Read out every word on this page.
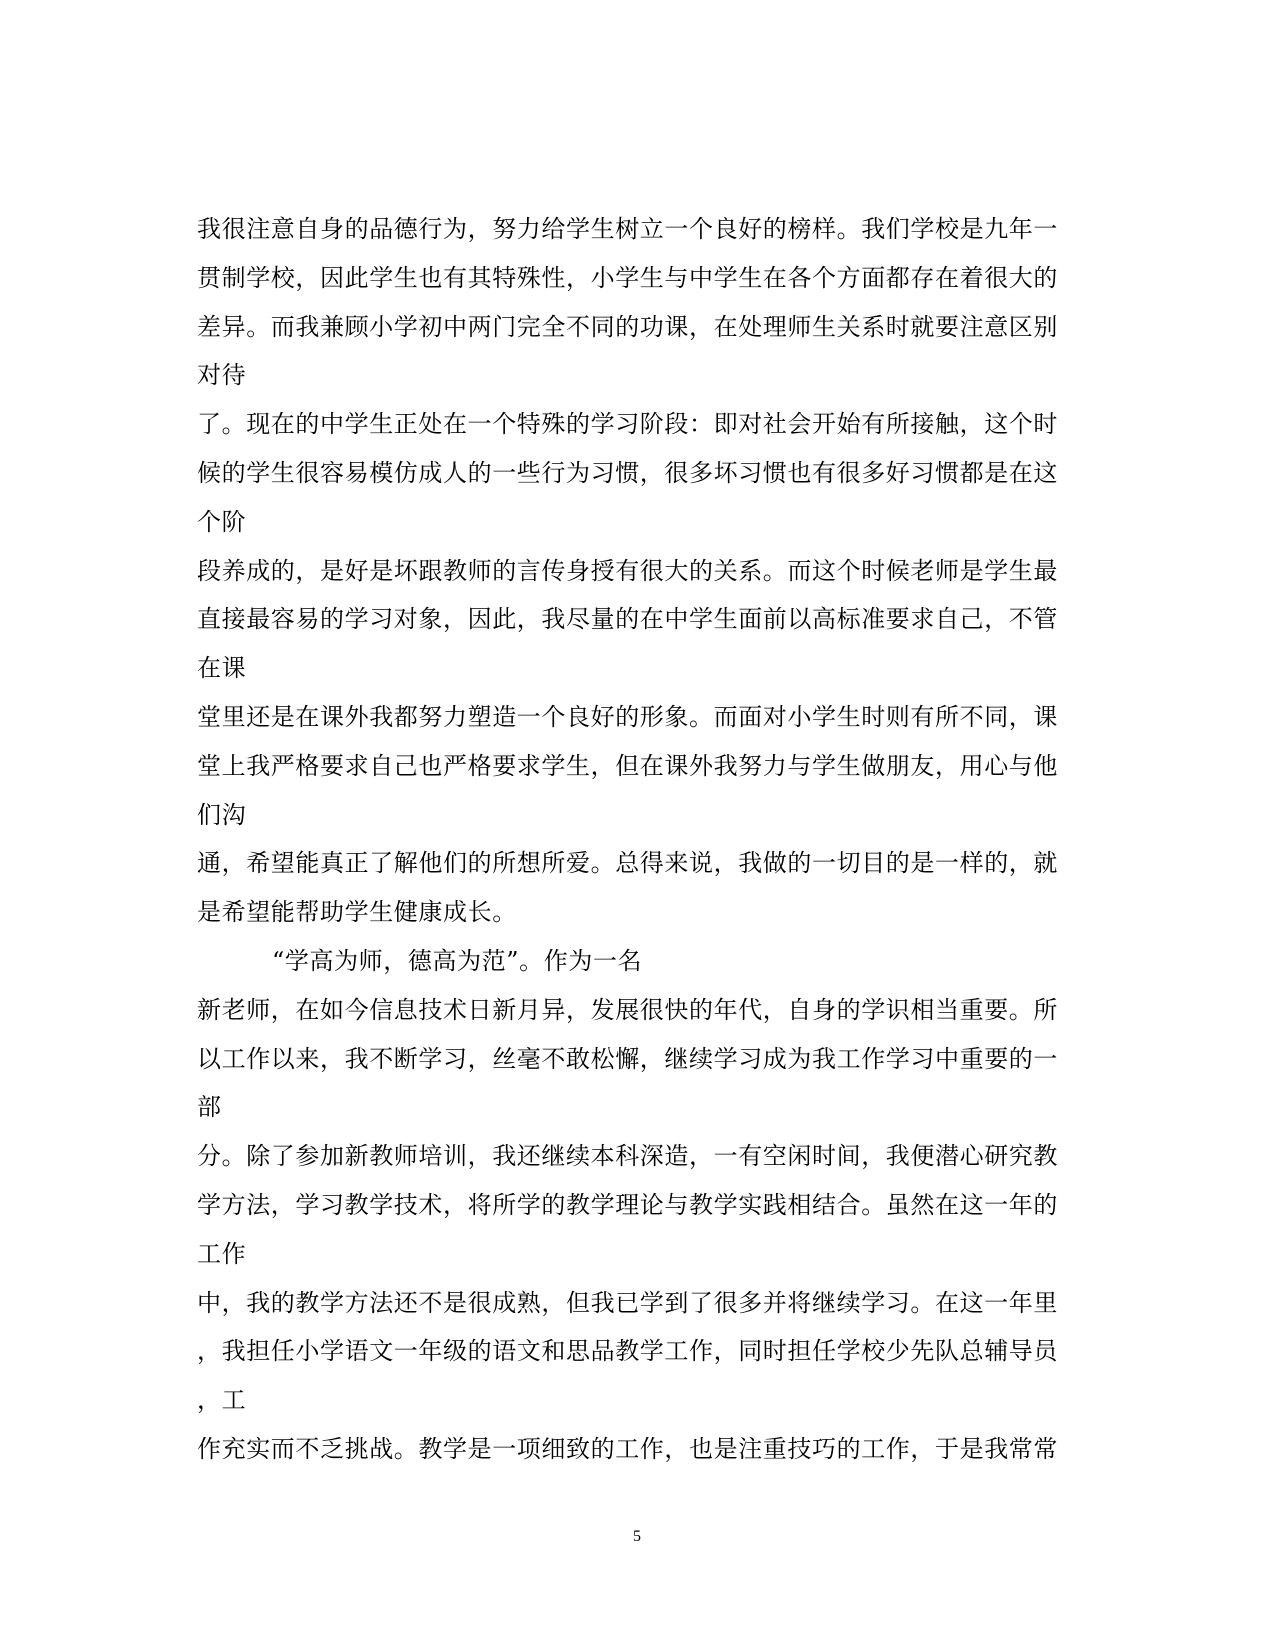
我很注意自身的品德行为，努力给学生树立一个良好的榜样。我们学校是九年一
贯制学校，因此学生也有其特殊性，小学生与中学生在各个方面都存在着很大的
差异。而我兼顾小学初中两门完全不同的功课，在处理师生关系时就要注意区别
对待
了。现在的中学生正处在一个特殊的学习阶段：即对社会开始有所接触，这个时
候的学生很容易模仿成人的一些行为习惯，很多坏习惯也有很多好习惯都是在这
个阶
段养成的，是好是坏跟教师的言传身授有很大的关系。而这个时候老师是学生最
直接最容易的学习对象，因此，我尽量的在中学生面前以高标准要求自己，不管
在课
堂里还是在课外我都努力塑造一个良好的形象。而面对小学生时则有所不同，课
堂上我严格要求自己也严格要求学生，但在课外我努力与学生做朋友，用心与他
们沟
通，希望能真正了解他们的所想所爱。总得来说，我做的一切目的是一样的，就
是希望能帮助学生健康成长。
“学高为师，德高为范”。作为一名
新老师，在如今信息技术日新月异，发展很快的年代，自身的学识相当重要。所
以工作以来，我不断学习，丝毫不敢松懈，继续学习成为我工作学习中重要的一
部
分。除了参加新教师培训，我还继续本科深造，一有空闲时间，我便潜心研究教
学方法，学习教学技术，将所学的教学理论与教学实践相结合。虽然在这一年的
工作
中，我的教学方法还不是很成熟，但我已学到了很多并将继续学习。在这一年里
，我担任小学语文一年级的语文和思品教学工作，同时担任学校少先队总辅导员
，工
作充实而不乏挑战。教学是一项细致的工作，也是注重技巧的工作，于是我常常
5
